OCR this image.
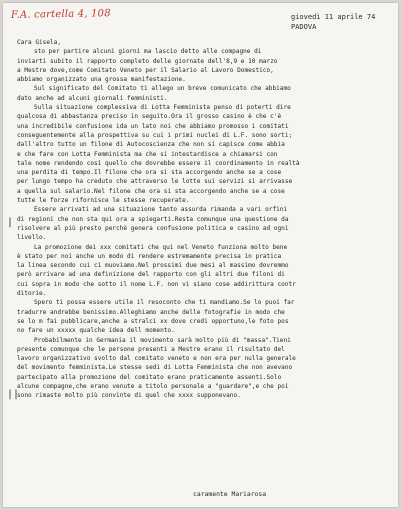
F.A. cartella 4, 108	giovedì 11 aprile 74
PADOVA
|
||
Cara Gisela,
sto per partire alcuni giorni ma lascio detto alle compagne di
inviarti subito il rapporto completo delle giornate dell'8,9 e 10 marzo
a Mestre dove,come Comitato Veneto per il Salario al Lavoro Domestico,
abbiamo organizzato una grossa manifestazione.
Sul significato del Comitato ti allego un breve comunicato che abbiamo
dato anche ad alcuni giornali femministi.
Sulla situazione complessiva di Lotta Femminista penso di poterti dire
qualcosa di abbastanza preciso in seguito.Ora il grosso casino è che c'è
una incredibile confusione ida un lato noi che abbiamo promosso i comitati
conseguentemente alla prospettiva su cui i primi nuclei di L.F. sono sorti;
dall'altro tutto un filone di Autocoscienza che non si capisce come abbia
e che fare con Lotta Femminista ma che si intestardisce a chiamarsi con
tale nome rendendo così quello che dovrebbe essere il coordinamento in realtà
una perdita di tempo.Il filone che ora si sta accorgendo anche se a cose
per lungo tempo ha creduto che attraverso le lotte sui servizi si arrivasse
a quella sul salario.Nel filone che ora si sta accorgendo anche se a cose
tutte le forze rifornisce le stesse recuperate.
Essere arrivati ad una situazione tanto assurda rimanda a vari orfini
di regioni che non sta qui ora a spiegarti.Resta comunque una questione da
risolvere al più presto perchè genera confusione politica e casino ad ogni
livello.
La promozione dei xxx comitati che qui nel Veneto funziona molto bene
è stato per noi anche un modo di rendere estremamente precisa in pratica
la linea secondo cui ci muoviamo.Nel prossimi due mesi al massimo dovremmo
però arrivare ad una definizione del rapporto con gli altri due filoni di
cui sopra in modo che sotto il nome L.F. non vi siano cose addirittura contr
ditorie.
Spero ti possa essere utile il resoconto che ti mandiamo.Se lo puoi far
tradurre andrebbe benissimo.Alleghiamo anche delle fotografie in modo che
se lo m fai pubblicare,anche a stralci xx dove credi opportuno,le foto pos
no fare un xxxxx qualche idea dell momento.
Probabilmente in Germania il movimento sarà molto più di "massa".Tieni
presente comunque che le persone presenti a Mestre erano il risultato del
lavoro organizzativo svolto dal comitato veneto e non era per nulla generale
del movimento femminista.Le stesse sedi di Lotta Femminista che non avevano
partecipato alla promozione del comitato erano praticamente assenti.Solo
alcune compagne,che erano venute a titolo personale a "guardare",e che poi
sono rimaste molto più convinte di quel che xxxx supponevano.
caramente Mariarosa
